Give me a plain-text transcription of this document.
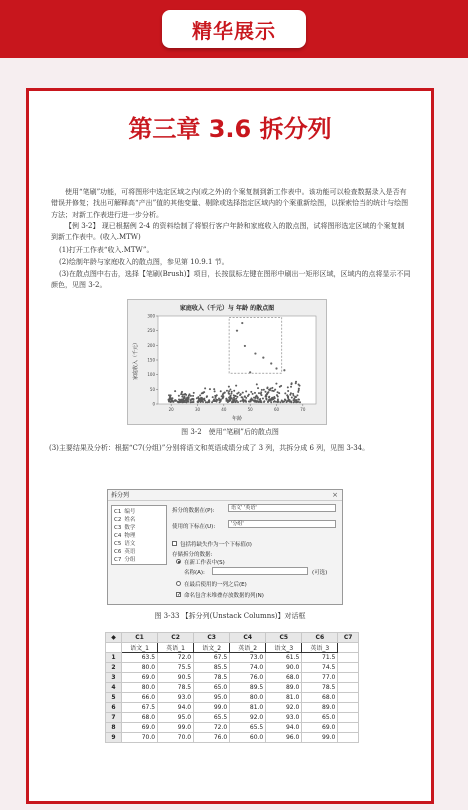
精华展示
第三章 3.6 拆分列

使用“笔刷”功能，可将图形中选定区域之内(或之外)的个案复制到新工作表中。该功能可以检查数据录入是否有错误并修复；找出可解释高“产出”值的其他变量、剔除或选择指定区域内的个案重新绘图，以探索恰当的统计与绘图方法；对新工作表进行进一步分析。

【例 3-2】 现已根据例 2-4 的资料绘制了将银行客户年龄和家庭收入的散点图，试将图形选定区域的个案复制到新工作表中。(收入.MTW)

(1)打开工作表“收入.MTW”。

(2)绘制年龄与家庭收入的散点图，参见第 10.9.1 节。

(3)在散点图中右击，选择【笔刷(Brush)】项目，长按鼠标左键在图形中刷出一矩形区域，区域内的点将显示不同颜色，见图 3-2。

家庭收入（千元）与 年龄 的散点图
20	30	40	50	60	70
0
50
100
150
200
250
300
年龄
家庭收入（千元）
图 3-2　使用“笔刷”后的散点图

(3)主要结果及分析：根据“C7(分组)”分别将语文和英语成绩分成了 3 列，共拆分成 6 列，见图 3-34。

拆分列	×
C1 编号
C2 姓名
C3 数学
C4 物理
C5 语文
C6 英语
C7 分组
拆分的数据在(P):	语文' '英语'
使用的下标在(U):	'分组'
包括将缺失作为一个下标值(I)
存储拆分的数据:
在新工作表中(S)
名称(A):	(可选)
在最后使用的一列之后(E)
✓ 命名包含未堆叠存放数据的列(N)
图 3-33 【拆分列(Unstack Columns)】对话框
◆	C1	C2	C3	C4	C5	C6	C7
	语文_1	英语_1	语文_2	英语_2	语文_3	英语_3	
1	63.5	72.0	67.5	73.0	61.5	71.5	
2	80.0	75.5	85.5	74.0	90.0	74.5	
3	69.0	90.5	78.5	76.0	68.0	77.0	
4	80.0	78.5	65.0	89.5	89.0	78.5	
5	66.0	93.0	95.0	80.0	81.0	68.0	
6	67.5	94.0	99.0	81.0	92.0	89.0	
7	68.0	95.0	65.5	92.0	93.0	65.0	
8	69.0	99.0	72.0	65.5	94.0	69.0	
9	70.0	70.0	76.0	60.0	96.0	99.0	
